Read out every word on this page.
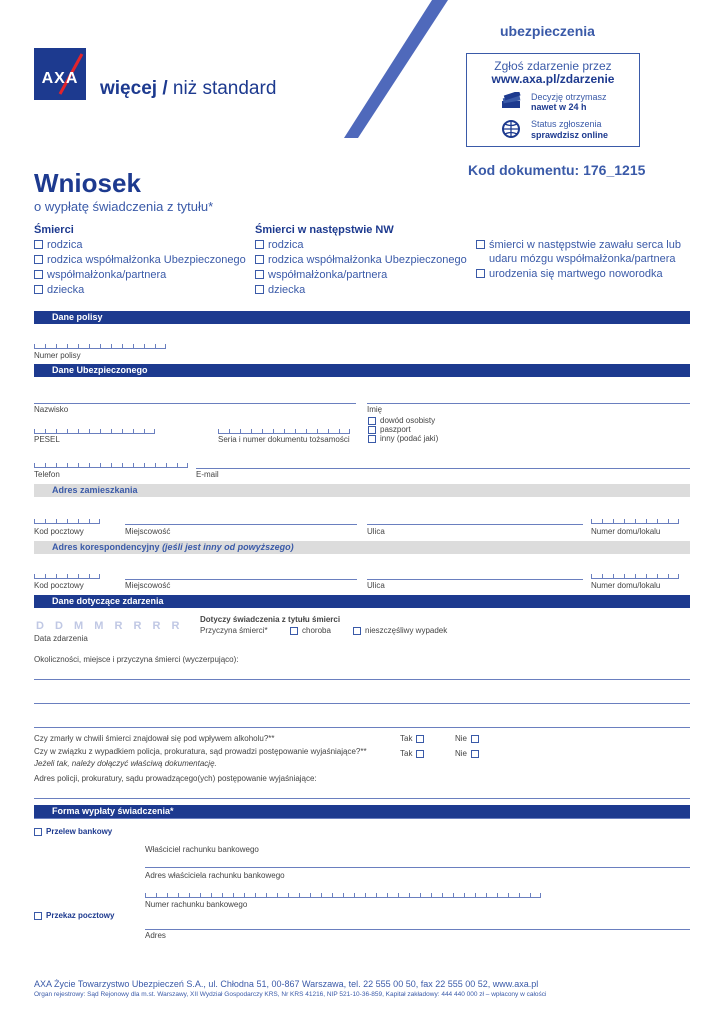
AXA więcej / niż standard
ubezpieczenia
Zgłoś zdarzenie przez
www.axa.pl/zdarzenie
Decyzję otrzymasz
nawet w 24 h
Status zgłoszenia
sprawdzisz online
Kod dokumentu: 176_1215
Wniosek
o wypłatę świadczenia z tytułu*
Śmierci
rodzica
rodzica współmałżonka Ubezpieczonego
współmałżonka/partnera
dziecka
Śmierci w następstwie NW
rodzica
rodzica współmałżonka Ubezpieczonego
współmałżonka/partnera
dziecka
śmierci w następstwie zawału serca lub
udaru mózgu współmałżonka/partnera
urodzenia się martwego noworodka
Dane polisy
Numer polisy
Dane Ubezpieczonego
Nazwisko	Imię
dowód osobisty
paszport
inny (podać jaki)
PESEL	Seria i numer dokumentu tożsamości
Telefon	E-mail
Adres zamieszkania
Kod pocztowy	Miejscowość	Ulica	Numer domu/lokalu
Adres korespondencyjny (jeśli jest inny od powyższego)
Kod pocztowy	Miejscowość	Ulica	Numer domu/lokalu
Dane dotyczące zdarzenia
D D M M R R R R
Data zdarzenia
Dotyczy świadczenia z tytułu śmierci
Przyczyna śmierci*	choroba	nieszczęśliwy wypadek
Okoliczności, miejsce i przyczyna śmierci (wyczerpująco):
Czy zmarły w chwili śmierci znajdował się pod wpływem alkoholu?**	Tak	Nie
Czy w związku z wypadkiem policja, prokuratura, sąd prowadzi postępowanie wyjaśniające?**	Tak	Nie
Jeżeli tak, należy dołączyć właściwą dokumentację.
Adres policji, prokuratury, sądu prowadzącego(ych) postępowanie wyjaśniające:
Forma wypłaty świadczenia*
Przelew bankowy
Właściciel rachunku bankowego
Adres właściciela rachunku bankowego
Numer rachunku bankowego
Przekaz pocztowy
Adres
AXA Życie Towarzystwo Ubezpieczeń S.A., ul. Chłodna 51, 00-867 Warszawa, tel. 22 555 00 50, fax 22 555 00 52, www.axa.pl
Organ rejestrowy: Sąd Rejonowy dla m.st. Warszawy, XII Wydział Gospodarczy KRS, Nr KRS 41216, NIP 521-10-36-859, Kapitał zakładowy: 444 440 000 zł – wpłacony w całości
